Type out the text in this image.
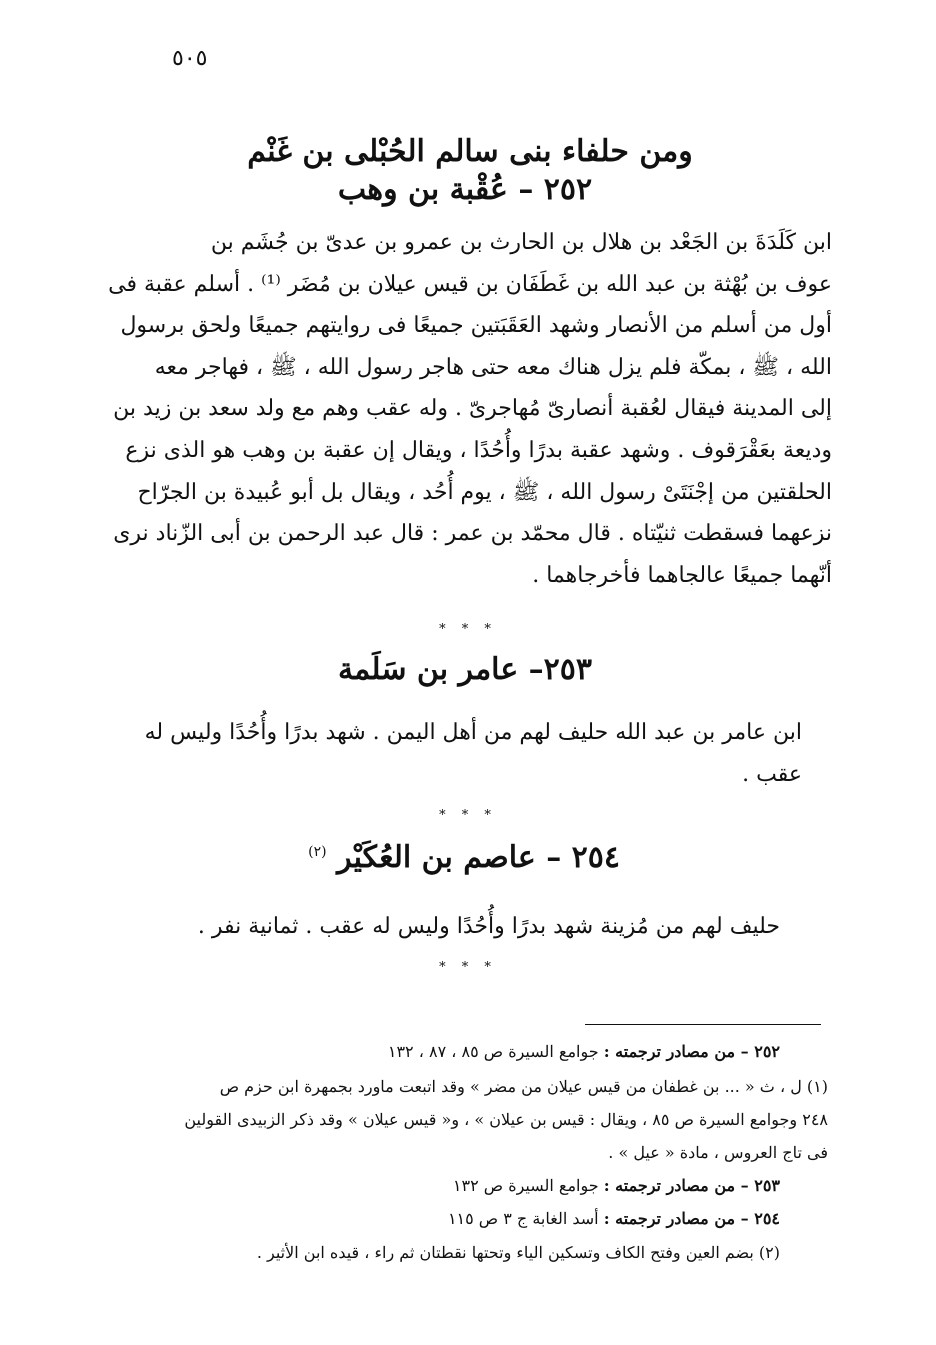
٥٠٥
ومن حلفاء بنى سالم الحُبْلى بن غَنْم
٢٥٢ – عُقْبة بن وهب
ابن كَلَدَةَ بن الجَعْد بن هلال بن الحارث بن عمرو بن عدىّ بن جُشَم بن
عوف بن بُهْثة بن عبد الله بن غَطَفَان بن قيس عيلان بن مُضَر ⁽¹⁾ . أسلم عقبة فى
أول من أسلم من الأنصار وشهد العَقَبَتين جميعًا فى روايتهم جميعًا ولحق برسول
الله ، ﷺ ، بمكّة فلم يزل هناك معه حتى هاجر رسول الله ، ﷺ ، فهاجر معه
إلى المدينة فيقال لعُقبة أنصارىّ مُهاجرىّ . وله عقب وهم مع ولد سعد بن زيد بن
وديعة بعَقْرَقوف . وشهد عقبة بدرًا وأُحُدًا ، ويقال إن عقبة بن وهب هو الذى نزع
الحلقتين من إجْنَتَىْ رسول الله ، ﷺ ، يوم أُحُد ، ويقال بل أبو عُبيدة بن الجرّاح
نزعهما فسقطت ثنيّتاه . قال محمّد بن عمر : قال عبد الرحمن بن أبى الزّناد نرى
أنّهما جميعًا عالجاهما فأخرجاهما .
* * *
٢٥٣– عامر بن سَلَمة
ابن عامر بن عبد الله حليف لهم من أهل اليمن . شهد بدرًا وأُحُدًا وليس له
عقب .
* * *
٢٥٤ – عاصم بن العُكَيْر $^{(٢)}$
حليف لهم من مُزينة شهد بدرًا وأُحُدًا وليس له عقب . ثمانية نفر .
* * *
٢٥٢ – من مصادر ترجمته : جوامع السيرة ص ٨٥ ، ٨٧ ، ١٣٢
(١) ل ، ث « ... بن غطفان من قيس عيلان من مضر » وقد اتبعت ماورد بجمهرة ابن حزم ص
٢٤٨ وجوامع السيرة ص ٨٥ ، ويقال : قيس بن عيلان » ، و« قيس عيلان » وقد ذكر الزبيدى القولين
فى تاج العروس ، مادة « عيل » .
٢٥٣ – من مصادر ترجمته : جوامع السيرة ص ١٣٢
٢٥٤ – من مصادر ترجمته : أسد الغابة ج ٣ ص ١١٥
(٢) بضم العين وفتح الكاف وتسكين الياء وتحتها نقطتان ثم راء ، قيده ابن الأثير .
